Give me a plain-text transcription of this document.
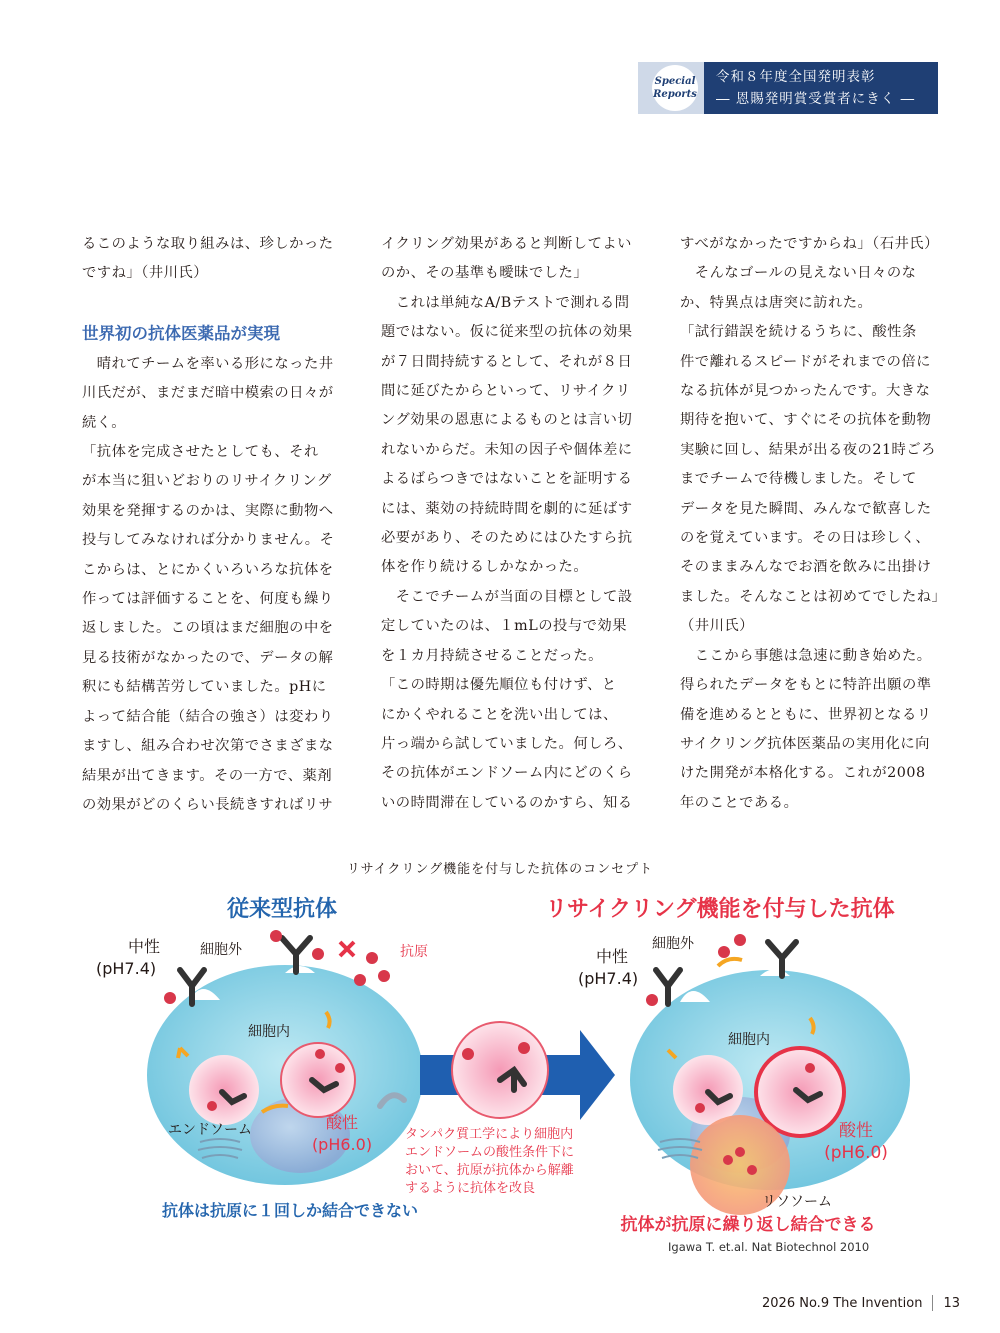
Special
Reports
令和８年度全国発明表彰
― 恩賜発明賞受賞者にきく ―

るこのような取り組みは、珍しかった

ですね」（井川氏）

世界初の抗体医薬品が実現

　晴れてチームを率いる形になった井

川氏だが、まだまだ暗中模索の日々が

続く。

「抗体を完成させたとしても、それ

が本当に狙いどおりのリサイクリング

効果を発揮するのかは、実際に動物へ

投与してみなければ分かりません。そ

こからは、とにかくいろいろな抗体を

作っては評価することを、何度も繰り

返しました。この頃はまだ細胞の中を

見る技術がなかったので、データの解

釈にも結構苦労していました。pHに

よって結合能（結合の強さ）は変わり

ますし、組み合わせ次第でさまざまな

結果が出てきます。その一方で、薬剤

の効果がどのくらい長続きすればリサ

イクリング効果があると判断してよい

のか、その基準も曖昧でした」

　これは単純なA/Bテストで測れる問

題ではない。仮に従来型の抗体の効果

が７日間持続するとして、それが８日

間に延びたからといって、リサイクリ

ング効果の恩恵によるものとは言い切

れないからだ。未知の因子や個体差に

よるばらつきではないことを証明する

には、薬効の持続時間を劇的に延ばす

必要があり、そのためにはひたすら抗

体を作り続けるしかなかった。

　そこでチームが当面の目標として設

定していたのは、１mLの投与で効果

を１カ月持続させることだった。

「この時期は優先順位も付けず、と

にかくやれることを洗い出しては、

片っ端から試していました。何しろ、

その抗体がエンドソーム内にどのくら

いの時間滞在しているのかすら、知る

すべがなかったですからね」（石井氏）

　そんなゴールの見えない日々のな

か、特異点は唐突に訪れた。

「試行錯誤を続けるうちに、酸性条

件で離れるスピードがそれまでの倍に

なる抗体が見つかったんです。大きな

期待を抱いて、すぐにその抗体を動物

実験に回し、結果が出る夜の21時ごろ

までチームで待機しました。そして

データを見た瞬間、みんなで歓喜した

のを覚えています。その日は珍しく、

そのままみんなでお酒を飲みに出掛け

ました。そんなことは初めてでしたね」

（井川氏）

　ここから事態は急速に動き始めた。

得られたデータをもとに特許出願の準

備を進めるとともに、世界初となるリ

サイクリング抗体医薬品の実用化に向

けた開発が本格化する。これが2008

年のことである。

リサイクリング機能を付与した抗体のコンセプト
従来型抗体	リサイクリング機能を付与した抗体
中性
(pH7.4)
細胞外	抗原
細胞内
エンドソーム	酸性
(pH6.0)
抗体は抗原に１回しか結合できない
タンパク質工学により細胞内
エンドソームの酸性条件下に
おいて、抗原が抗体から解離
するように抗体を改良
中性
(pH7.4)
細胞外
細胞内
酸性
(pH6.0)
リソソーム
抗体が抗原に繰り返し結合できる
Igawa T. et.al. Nat Biotechnol 2010
2026 No.9
The Invention 13
